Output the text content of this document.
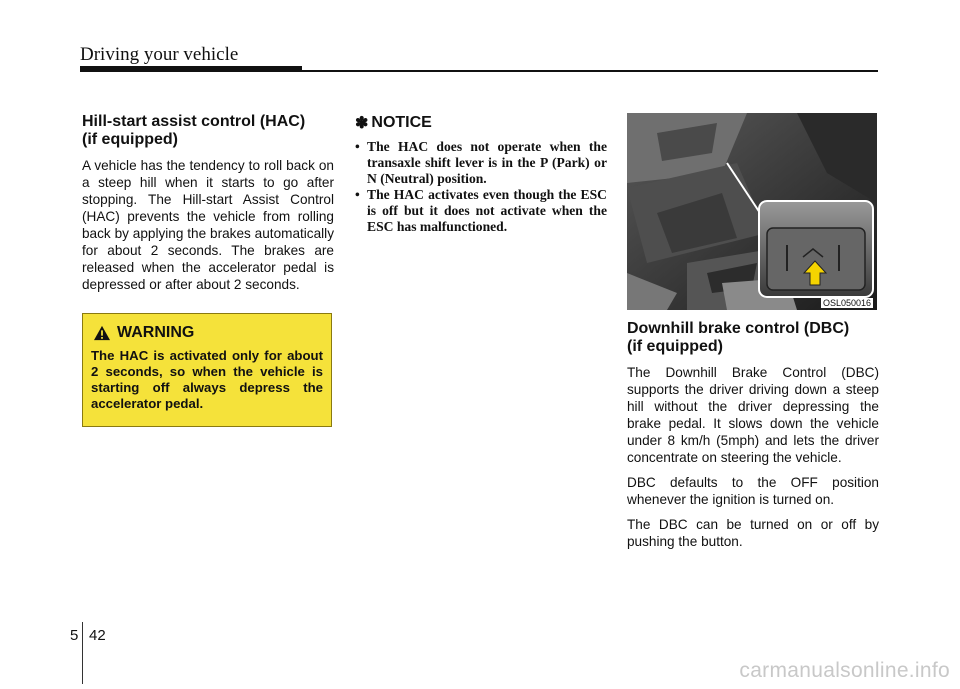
Driving your vehicle
Hill-start assist control (HAC)
(if equipped)

A vehicle has the tendency to roll back on a steep hill when it starts to go after stopping. The Hill-start Assist Control (HAC) prevents the vehicle from rolling back by applying the brakes automatically for about 2 seconds. The brakes are released when the accelerator pedal is depressed or after about 2 seconds.

WARNING
The HAC is activated only for about 2 seconds, so when the vehicle is starting off always depress the accelerator pedal.
✽ NOTICE
• The HAC does not operate when the transaxle shift lever is in the P (Park) or N (Neutral) position.
• The HAC activates even though the ESC is off but it does not activate when the ESC has malfunctioned.
OSL050016
Downhill brake control (DBC)
(if equipped)

The Downhill Brake Control (DBC) supports the driver driving down a steep hill without the driver depressing the brake pedal. It slows down the vehicle under 8 km/h (5mph) and lets the driver concentrate on steering the vehicle.

DBC defaults to the OFF position whenever the ignition is turned on.

The DBC can be turned on or off by pushing the button.

5 42
carmanualsonline.info
